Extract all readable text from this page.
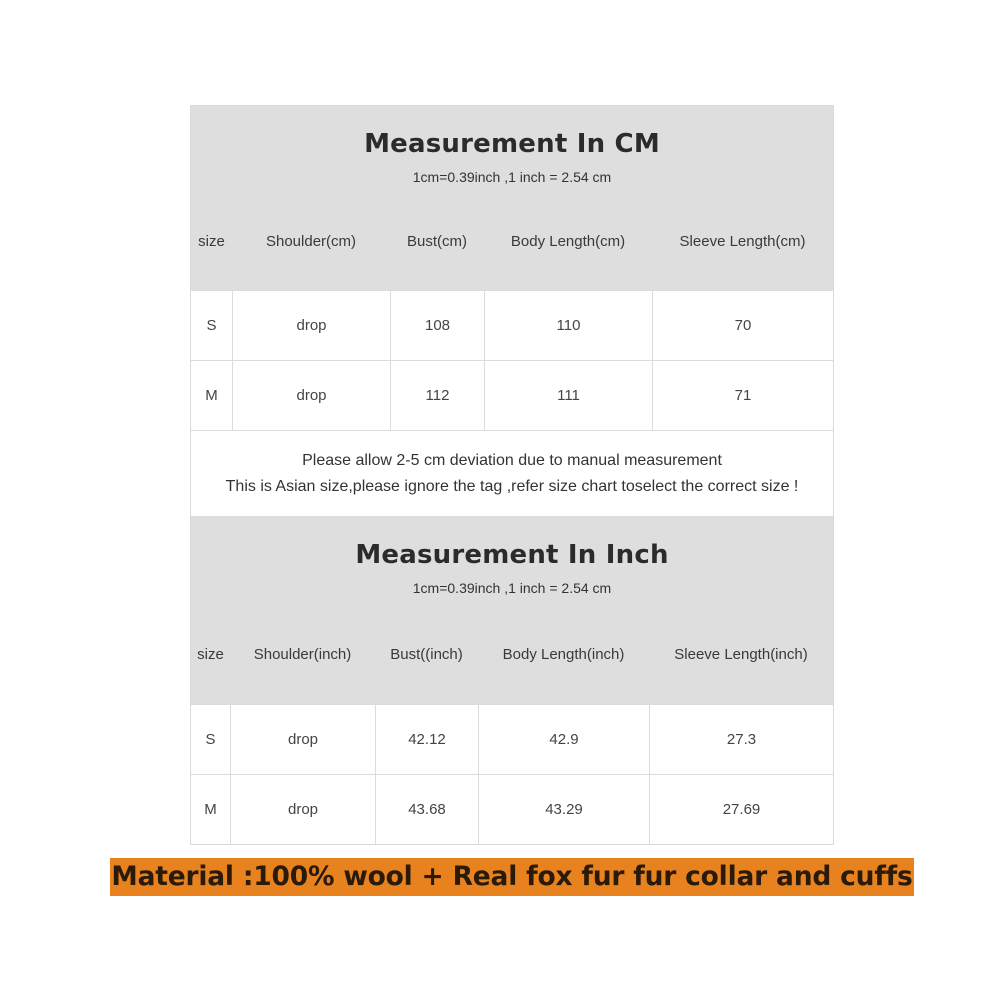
Measurement In CM
1cm=0.39inch ,1 inch = 2.54 cm
size	Shoulder(cm)	Bust(cm)	Body Length(cm)	Sleeve Length(cm)
S	drop	108	110	70
M	drop	112	111	71
Please allow 2-5 cm deviation due to manual measurement
This is Asian size,please ignore the tag ,refer size chart toselect the correct size !
Measurement In Inch
1cm=0.39inch ,1 inch = 2.54 cm
size	Shoulder(inch)	Bust((inch)	Body Length(inch)	Sleeve Length(inch)
S	drop	42.12	42.9	27.3
M	drop	43.68	43.29	27.69
Material :100% wool + Real fox fur fur collar and cuffs
